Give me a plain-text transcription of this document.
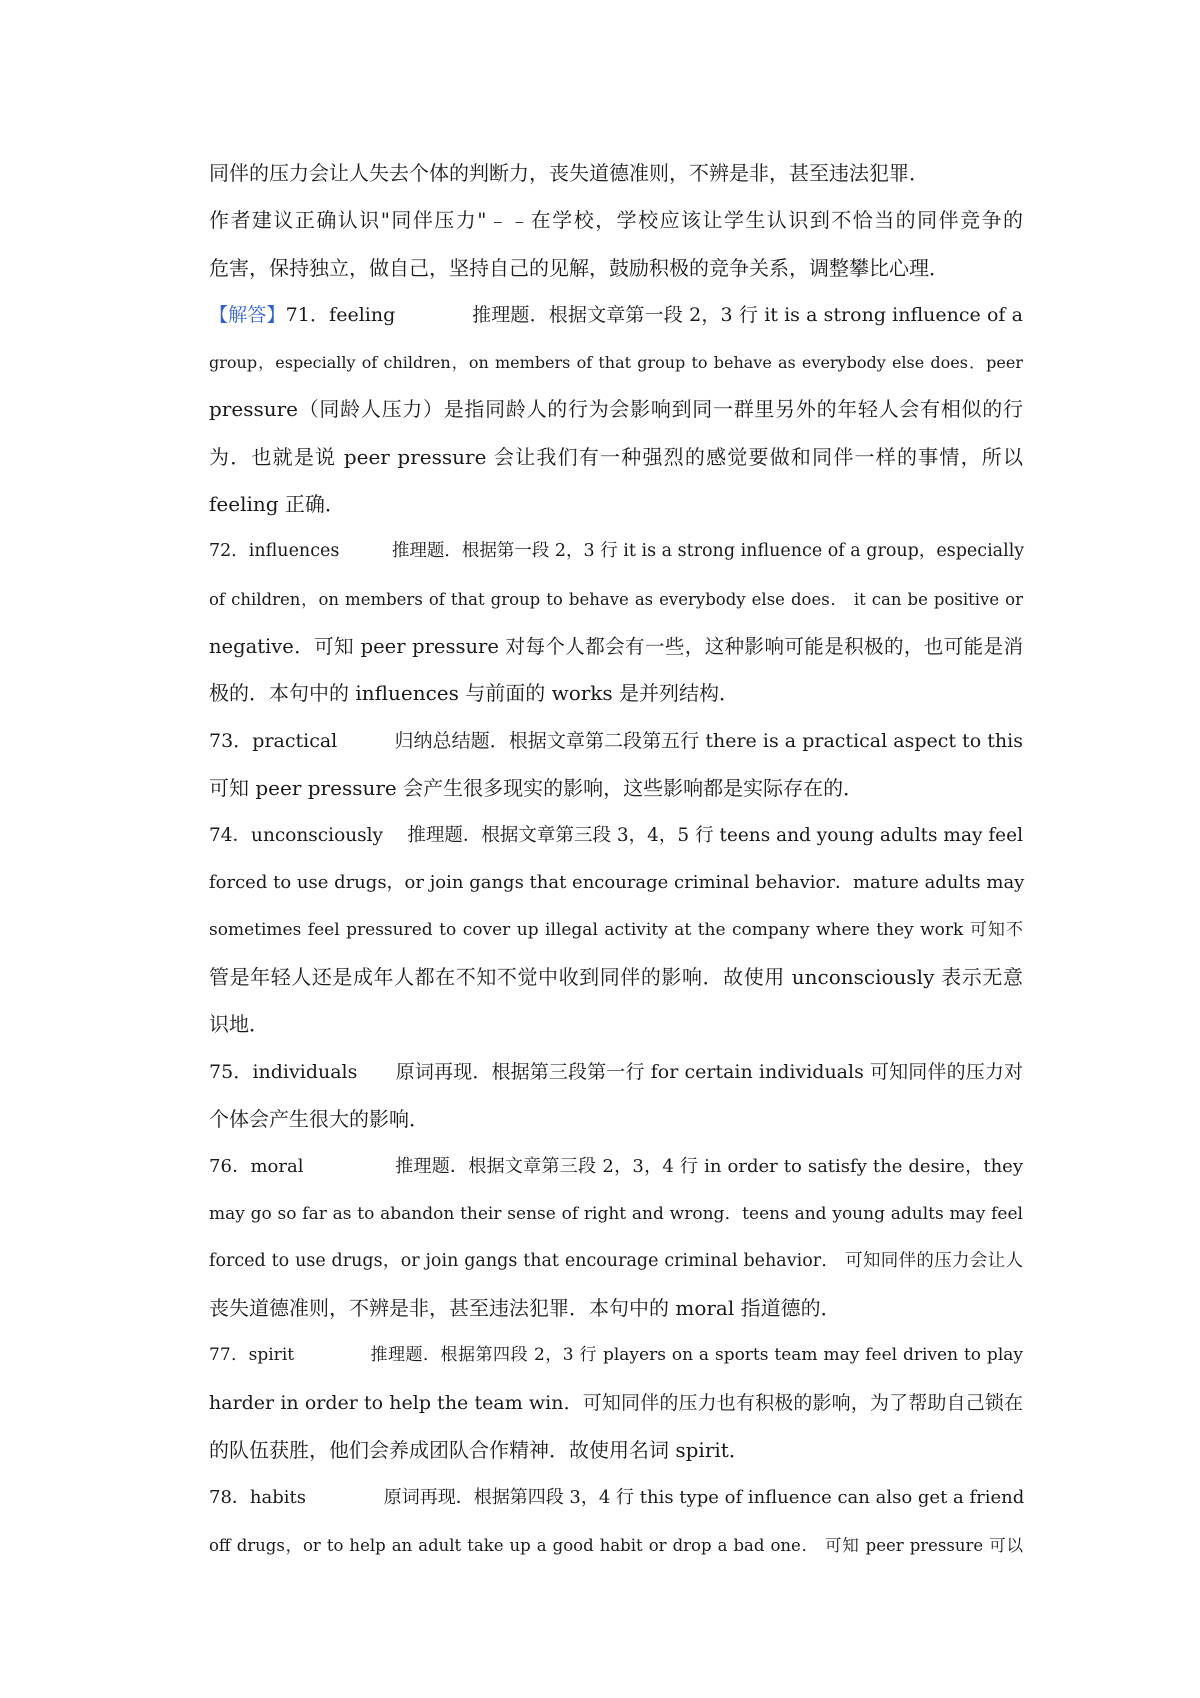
同伴的压力会让人失去个体的判断力，丧失道德准则，不辨是非，甚至违法犯罪．
作者建议正确认识"同伴压力"﹣﹣在学校，学校应该让学生认识到不恰当的同伴竞争的
危害，保持独立，做自己，坚持自己的见解，鼓励积极的竞争关系，调整攀比心理．
【解答】71．feeling　　　　推理题．根据文章第一段 2，3 行 it is a strong influence of a
group，especially of children，on members of that group to behave as everybody else does．peer
pressure（同龄人压力）是指同龄人的行为会影响到同一群里另外的年轻人会有相似的行
为．也就是说 peer pressure 会让我们有一种强烈的感觉要做和同伴一样的事情，所以
feeling 正确．
72．influences　　　推理题．根据第一段 2，3 行 it is a strong influence of a group，especially
of children，on members of that group to behave as everybody else does． it can be positive or
negative．可知 peer pressure 对每个人都会有一些，这种影响可能是积极的，也可能是消
极的．本句中的 influences 与前面的 works 是并列结构．
73．practical　　　归纳总结题．根据文章第二段第五行 there is a practical aspect to this
可知 peer pressure 会产生很多现实的影响，这些影响都是实际存在的．
74．unconsciously　 推理题．根据文章第三段 3，4，5 行 teens and young adults may feel
forced to use drugs，or join gangs that encourage criminal behavior．mature adults may
sometimes feel pressured to cover up illegal activity at the company where they work 可知不
管是年轻人还是成年人都在不知不觉中收到同伴的影响．故使用 unconsciously 表示无意
识地．
75．individuals　　原词再现．根据第三段第一行 for certain individuals 可知同伴的压力对
个体会产生很大的影响．
76．moral　　　　　推理题．根据文章第三段 2，3，4 行 in order to satisfy the desire，they
may go so far as to abandon their sense of right and wrong．teens and young adults may feel
forced to use drugs，or join gangs that encourage criminal behavior． 可知同伴的压力会让人
丧失道德准则，不辨是非，甚至违法犯罪．本句中的 moral 指道德的．
77．spirit　　　　 推理题．根据第四段 2，3 行 players on a sports team may feel driven to play
harder in order to help the team win．可知同伴的压力也有积极的影响，为了帮助自己锁在
的队伍获胜，他们会养成团队合作精神．故使用名词 spirit．
78．habits　　　　 原词再现．根据第四段 3，4 行 this type of influence can also get a friend
off drugs，or to help an adult take up a good habit or drop a bad one． 可知 peer pressure 可以
